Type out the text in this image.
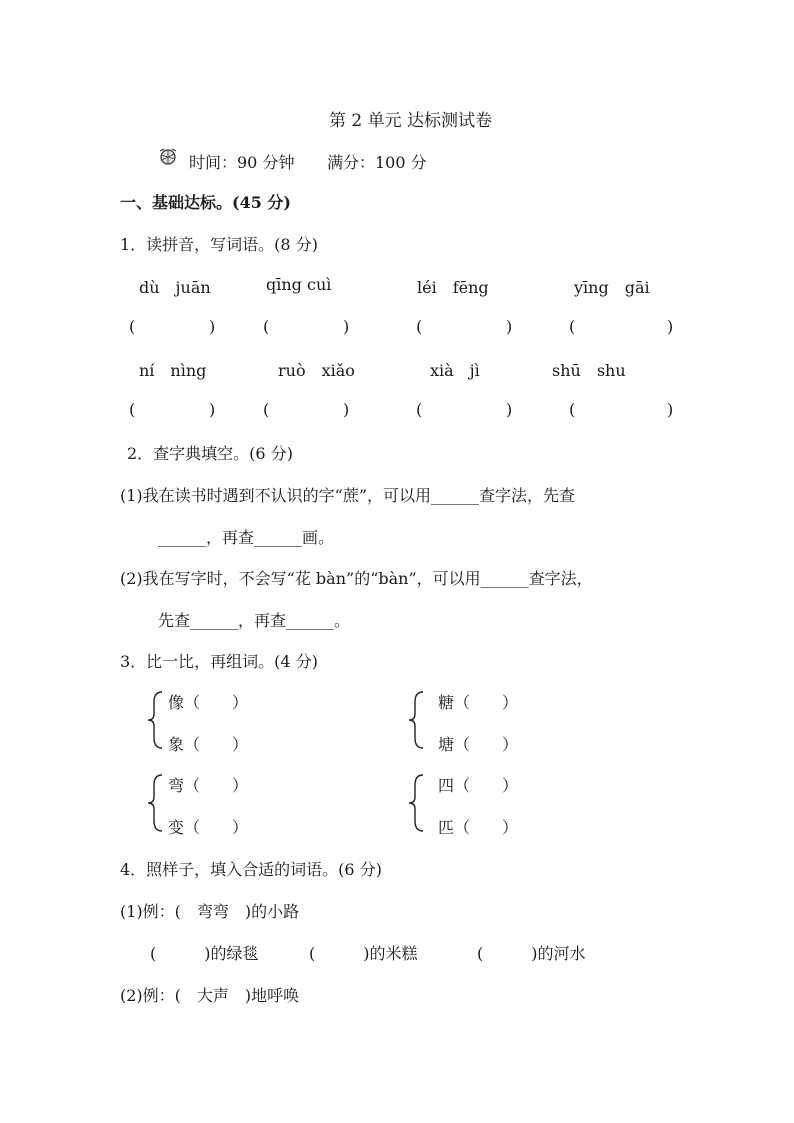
第 2 单元 达标测试卷
时间：90 分钟 满分：100 分
一、基础达标。(45 分)
1．读拼音，写词语。(8 分)
dù　juān	qīng cuì	léi　fēng	yīng　gāi
(	)	(	)	(	)	(	)
ní　nìng	ruò　xiǎo	xià　jì	shū　shu
(	)	(	)	(	)	(	)
2．查字典填空。(6 分)
(1)我在读书时遇到不认识的字“蔗”，可以用______查字法，先查
______，再查______画。
(2)我在写字时，不会写“花 bàn”的“bàn”，可以用______查字法，
先查______，再查______。
3．比一比，再组词。(4 分)
像（　　）
象（　　）
糖（　　）
塘（　　）
弯（　　）
变（　　）
四（　　）
匹（　　）
4．照样子，填入合适的词语。(6 分)
(1)例：(　弯弯　)的小路
(　　　)的绿毯	(　　　)的米糕	(　　　)的河水
(2)例：(　大声　)地呼唤
